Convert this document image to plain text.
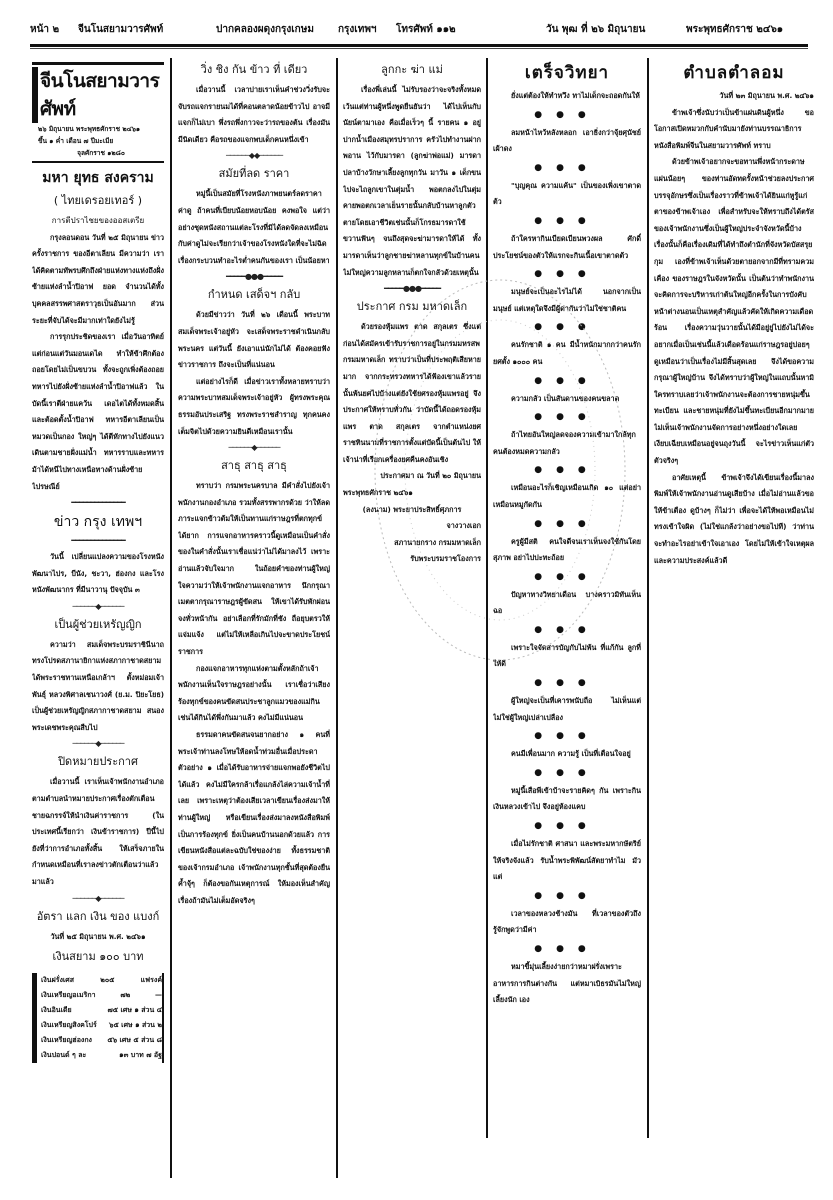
หน้า ๒	จีนโนสยามวารศัพท์	ปากคลองผดุงกรุงเกษม	กรุงเทพฯ	โทรศัพท์ ๑๑๒	วัน พุฒ ที่ ๒๖ มิถุนายน	พระพุทธศักราช ๒๔๖๑
จีนโนสยามวารศัพท์
๒๖ มิถุนายน พระพุทธศักราช ๒๔๖๑
ขึ้น ๑ ค่ำ เดือน ๗ ปีมะเมีย
จุลศักราช ๑๒๘๐
มหา ยุทธ สงคราม
( ไทยเดรอยเทอร์ )
การตีปราไชยของออสเตรีย

กรุงลอนดอน วันที่ ๒๕ มิถุนายน ข่าวครั้งราชการ ของอีตาเลียน มีความว่า เราได้คิดตามทัพรบศึกถึงฝ่ายแห่งทางแห่งถึงฝั่งซ้ายแห่งลำน้ำปิอาฟ ยอด จำนวนได้ทั้งบุคคลสรรพศาสตราวุธเป็นอันมาก ส่วนระยะที่จับได้จะมีมากเท่าใดยังไม่รู้

การรุกประชิดของเรา เมื่อวันอาทิตย์ แต่ก่อนแต่วันมอนเดได ทำให้ข้าศึกต้องถอยโดยไม่เป็นขบวน ทั้งจะถูกเพิ่งต้องถอยทหารไปยังฝั่งซ้ายแห่งลำน้ำปิอาฟแล้ว ในบัดนี้เราตีฝ่ายแคว้น เดอไตได้ทั้งหมดสิ้นและต้อดตั้งน้ำปิอาฟ ทหารอีตาเลียนเป็นหมวดเป็นกอง ใหญ่ๆ ได้ตีหักทางไปยังแนวเดินตามชายฝั่งแม่น้ำ ทหารราบและทหารม้าได้หนีไปทางเหนือทางด้านฝั่งซ้ายไปรษณีย์

━━━━━━━━━━━━━━
ข่าว กรุง เทพฯ
━━━━━━━━━━━━━━

วันนี้ เปลี่ยนแปลงความของโรงหนังพัฒนาไปร, บีนัง, ชะวา, ฮ่องกง และโรงหนังพัฒนากร ที่มีนาวานุ ปัจจุบัน ๓

──────◆──────
เป็นผู้ช่วยเหรัญญิก

ความว่า สมเด็จพระบรมราชินีนาถ ทรงโปรดสภานายิกาแห่งสภากาชาดสยาม ได้พระราชทานเหนือเกล้าฯ ตั้งหม่อมเจ้าพันธุ์ หลวงพิศาลเชนาวงศ์ (ย.ม. ปิยะโยธ) เป็นผู้ช่วยเหรัญญิกสภากาชาดสยาม สนองพระเดชพระคุณสืบไป

──────◆──────
ปิดหมายประกาศ

เมื่อวานนี้ เราเห็นเจ้าพนักงานอำเภอ ตามตำบลนำหมายประกาศเรื่องตักเตือนชายฉกรรจ์ให้นำเงินค่าราชการ (ในประเทศนี้เรียกว่า เงินข้าราชการ) ปีนี้ไป ยังที่ว่าการอำเภอทั้งสิ้น ให้เสร็จภายในกำหนดเหมือนที่เราลงข่าวตักเตือนว่าแล้ว มาแล้ว

──────◆──────
อัตรา แลก เงิน ของ แบงก์
วันที่ ๒๕ มิถุนายน พ.ศ. ๒๔๖๑
เงินสยาม ๑๐๐ บาท
เงินฝรั่งเศส	๒๐๕	แฟรงค์
เงินเหรียญอเมริกา	๗๒	—
เงินอินเดีย	๗๕ เศษ ๑ ส่วน ๔
เงินเหรียญสิงคโปร์ ๖๕ เศษ ๑ ส่วน ๒
เงินเหรียญฮ่องกง ๕๖ เศษ ๕ ส่วน ๘
เงินปอนด์ ๆ ละ	๑๓ บาท ๗ อัฐ
วิ่ง ชิง กัน ข้าว ที่ เดียว

เมื่อวานนี้ เวลาบ่ายเราเห็นคำช่วงวิ่งรับจะจับรถแจกรายนมได้ที่คอนตลาดน้อยข้าวไป อาจมีแจกก็ไม่เบา พึ่งรถพึ่งกาวจะว่ารถของต้น เรื่องมันมีนิดเดียว คือรถของแจกพบเด็กคนหนึ่งเข้า

──────◆◆──────
สมัยที่ลด ราคา

หมู่นี้เป็นสมัยที่โรงหนังภาพยนตร์ลดราคาค่าดู ถ้าคนที่เบียบน้อยหอบน้อย คงพอใจ แต่ว่าอย่างชุดหนังสถานแต่ละโรงที่มิได้ลดจัดลงเหมือนกับค่าดูไม่จะเรียกว่าเจ้าของโรงหนังใดที่จะไม่ฉิดเรื่องกระบวนทำอะไรต่ำคนกันของเรา เป็นน้อยหา

━━━━━●●●━━━━━
กำหนด เสด็จฯ กลับ

ด้วยมีข่าวว่า วันที่ ๒๖ เดือนนี้ พระบาทสมเด็จพระเจ้าอยู่หัว จะเสด็จพระราชดำเนินกลับพระนคร แต่วันนี้ ยังเอาแน่นักไม่ได้ ต้องคอยฟังข่าวราชการ ถึงจะเป็นที่แน่นอน

แต่อย่างไรก็ดี เมื่อข่าวเราทั้งหลายทราบว่า ความพระบาทสมเด็จพระเจ้าอยู่หัว ผู้ทรงพระคุณธรรมอันประเสริฐ ทรงพระราชสำราญ ทุกคนคงเต็มจิตไปด้วยความยินดีเหมือนเรานั้น

──────◆──────
สาธุ สาธุ สาธุ

ทราบว่า กรมพระนครบาล มีคำสั่งไปยังเจ้าพนักงานกองอำเภอ รวมทั้งสรรพากรด้วย ว่าให้ลดภาระแจกข้าวต้มให้เป็นทานแก่ราษฎรที่ตกทุกข์ได้ยาก การแจกอาหารคราวนี้ดูเหมือนเป็นคำสั่งของในคำสั่งนั้นเราเชื่อแน่ว่าไม่ได้มาลงไว้ เพราะอ่านแล้วจับใจมาก ในถ้อยคำของท่านผู้ใหญ่ ใจความว่าให้เจ้าพนักงานแจกอาหาร นึกกรุณาเมตตากรุณาราษฎรผู้ขัดสน ให้เขาได้รับพักผ่อนจงทั่วหน้ากัน อย่าเลือกที่รักมักที่ชัง ถือยุบตรวให้แจ่มแจ้ง แต่ไม่ให้เหลือเกินไปจะขาดประโยชน์ราชการ

กองแจกอาหารทุกแห่งตามตั้งหลักถ้าเจ้าพนักงานเห็นใจราษฎรอย่างนั้น เราเชื่อว่าเสียงร้องทุกข์ของคนขัดสนประชาลูกแมวของแม่กินเช่นได้กินได้พึ่งกันมาแล้ว คงไม่มีแน่นอน

ธรรมดาคนขัดสนจนยากอย่าง ๑ คนที่พระเจ้าท่านลงโทษให้อดน้ำท่วมอื่นเมื่อประดาตัวอย่าง ๑ เมื่อได้รับอาหารจ่ายแจกพอยังชีวิตไปได้แล้ว คงไม่มีใครกล้าเรื่อแกล้งไล่ความเจ้าน้ำที่เลย เพราะเหตุว่าต้องเสียเวลาเขียนเรื่องส่งมาให้ท่านผู้ใหญ่ หรือเขียนเรื่องส่งมาลงหนังสือพิมพ์ เป็นการร้องทุกข์ ยิ่งเป็นคนบ้านนอกด้วยแล้ว การเขียนหนังสือแต่ละฉบับใช่ของง่าย ทั้งธรรมชาติของเจ้ากรมอำเภอ เจ้าพนักงานทุกชั้นที่สุดต้องยืนค้ำจุ้ๆ ก็ต้องขอกันเหตุการณ์ ให้มองเห็นสำคัญเรื่องถ้ามันไม่เต็มอัดจริงๆ

ลูกกะ ฆ่า แม่

เรื่องพี่เล่นนี้ ไม่รับรองว่าจะจริงทั้งหมด เว้นแต่ท่านผู้หนึ่งพูดยืนยันว่า ได้ไปเห็นกับนัยน์ตามาเอง คือเมื่อเร็วๆ นี้ รายคน ๑ อยู่ปากน้ำเมืองสมุทรปราการ ครัวไปทำงานฝากพอาน ไว้กับมารดา (ลูกฆ่าพ่อแม่) มารดาปลาบ้างวักษาเลี้ยงลูกทุกวัน มาวัน ๑ เด็กขนไปจะไถลูกเขาในตุ่มน้ำ พอตกลงไปในตุ่มคายพอตกเวลาเย็นรายนั้นกลับบ้านหาลูกตัวตายโดยเอาชีวิตเช่นนั้นก็โกรธมารดาใช้ขวานฟันๆ จนถึงสุดจะฆ่ามารดาให้ได้ ทั้งมารดาเห็นว่าลูกชายฆ่าหลานทุกข์ในบ้านคนไม่ใหญ่ความลูกหลานก็ตกใจกลัวด้วยเหตุนั้น

━━━━━●●●━━━━━
ประกาศ กรม มหาดเล็ก

ด้วยรองหุ้มแพร ตาด สกุลเตร ซึ่งแต่ก่อนได้สมัครเข้ารับราชการอยู่ในกรมมหรสพ กรมมหาดเล็ก ทราบว่าเป็นที่ประพฤติเสียหายมาก จากกระทรวงทหารได้ฟ้องเขาแล้วรายนั้นพ้นยศไปบ้างแต่ยังใช้ยศรองหุ้มแพรอยู่ จึงประกาศให้ทราบทั่วกัน ว่าบัดนี้ได้ถอดรองหุ้มแพร ตาด สกุลเตร จากตำแหน่งยศราชทินนามที่ราชการตั้งแต่บัดนี้เป็นต้นไป ให้เจ้าน่าที่เรียกเครื่องยศคืนคงอันเชิง

ประกาศมา ณ วันที่ ๒๐ มิถุนายน

พระพุทธศักราช ๒๔๖๑
(ลงนาม) พระยาประสิทธิ์ศุภการ
จางวางเอก
สภานายกราง กรมมหาดเล็ก
รับพระบรมราชโองการ
เตร็จวิทยา

ยั่งแต่ต้องให้ทำหวึง ทาไม่เด็กจะถอดกันให้

●●●

ลมหน้าไหว้หลังหลอก เอาธิ่งกว่าจุ้ยศุนัชย์เผ้าดง

●●●

"บุญคุณ ความแค้น" เป็นของเพิ่งเขาตาดต้ว

●●●

ถ้าใครหากินเบียดเบียนพวงผล ศักดิ์ประโยชน์ของตัวให้แรกจะกินเนื้อเขาตาดต้ว

●●●

มนุษย์จะเป็นอะไรไม่ได้ นอกจากเป็นมนุษย์ แต่เหตุใดจึงมีผู้ด่ากันว่าไม่ใช่ชาติคน

●●●

คนรักชาติ ๑ คน มีน้ำหนักมากกว่าคนรักยศตั้ง ๑๐๐๐ คน

●●●

ความกลัว เป็นสันดานของคนขลาด

●●●

ถ้าไทยอันใหญ่ลดจองความเข้ามาใกล้ทุกคนต้องหมดความกลัว

●●●

เหมือนอะไรก็เชิญเหมือนเกิด ๑๐ แต่อย่าเหมือนหมูกัดกัน

●●●

ครูผู้มีสติ คนใจดีจนเราเห็นจงใช้กันโดยสุภาพ อย่าไปปะทะถ้อย

●●●

ปัญหาทางวิทยาเดือน บางคราวมิทันเห็นฉอ

●●●

เพราะใจจัดสารบัญกับไม่พ้น ที่แก้กัน ลูกที่ให้ดี

●●●

ผู้ใหญ่จะเป็นที่เคารพนับถือ ไม่เห็นแต่ไม่ใช่ผู้ใหญ่เปล่าเปลือง

●●●

คนมีเพื่อนมาก ความรู้ เป็นที่เตือนใจอยู่

●●●

หมู่นี้เสือพีเข้าบ้าจะรายคิดๆ กัน เพราะกินเงินหลวงเข้าไป จึงอยู่ห้องแคบ

●●●

เมื่อไม่รักชาติ ศาสนา และพระมหากษัตริย์ ให้จริงจังแล้ว รับน้ำพระพิพัฒน์สัตยาทำไม มัวแต่

●●●

เวลาของหลวงช้างมัน ที่เวลาของตัวถึงรู้จักพูดว่ามีค่า

●●●

หมาขี้มุ่นเลี้ยงง่ายกว่าหมาฝรั่งเพราะอาหารการกินต่างกัน แต่หมาเบิธรมันไม่ใหญ่เลี้ยงนัก เอง

ตำบลตำลอม
วันที่ ๒๓ มิถุนายน พ.ศ. ๒๔๖๑

ข้าพเจ้าซึ่งนับว่าเป็นข้าแผ่นดินผู้หนึ่ง ขอโอกาสเปิดหมวกกับคำนับมายังท่านบรรณาธิการหนังสือพิมพ์จีนในสยามวารศัพท์ ทราบ

ด้วยข้าพเจ้าอยากจะขอทานพึ่งหน้ากระดาษแผ่นน้อยๆ ของท่านอัดทดรั้งหน้าช่วยลงประกาศบรรจุอักษรซึ่งเป็นเรื่องราวที่ข้าพเจ้าได้ยินแก่หูรู้แก่ตาของข้าพเจ้าเอง เพื่อสำหรับจะให้ทราบถึงได้ตรัสของเจ้าพนักงานซึ่งเป็นผู้ใหญ่ประจำจังหวัดนี้บ้าง เรื่องนั้นก็คือเรื่องเดิมที่ได้ทำถึงตำนักที่จังหวัดบัสสรุย กุม เองที่ข้าพเจ้าเห็นด้วยตายอกจากมีที่ทรามควมเคือง ของราษฎรในจังหวัดนั้น เป็นต้นว่าทำพนักงานจะคิดการจะบริหารเก่าต้นใหญ่อีกครั้งในการบังคับหน้าต่างนอนเป็นเหตุสำคัญแล้วคัดให้เกิดความเดือดร้อน เรื่องความวุ่นวายนั้นได้มีอยู่ยู่ไปยังไม่ได้จะอยากเมื่อเป็นเช่นนี้แล้วเดือดร้อนแก่ราษฎรอยู่บ่อยๆ ดูเหมือนว่าเป็นเรื่องไม่มีสิ้นสุดเลย จึงได้ขอความกรุณาผู้ใหญ่บ้าน จึงได้ทราบว่าผู้ใหญ่ในแถบนั้นหามิใครทราบเลยว่าเจ้าพนักงานจะต้องการชายหนุ่มขึ้นทะเบียน และชายหนุ่มที่ยังไม่ขึ้นทะเบียนอีกมากมายไม่เห็นเจ้าพนักงานจัดการอย่างหนึ่งอย่างใดเลย เงียบเฉียบเหมือนอยู่จนถุงวันนี้ จะไรข่าวเห็นแก่ตัวตัวจริงๆ

อาศัยเหตุนี้ ข้าพเจ้าจึงได้เขียนเรื่องนี้มาลงพิมพ์ให้เจ้าพนักงานอ่านดูเสียบ้าง เมื่อไม่อ่านแล้วขอให้ข้าเตือง ดูบ้างๆ ก็ไม่ว่า เพื่อจะได้ให้พอเหมือนไม่ทรงเข้าใจผิด (ไม่ใช่แกล้งว่าอย่างขอไปที) ว่าท่านจะทำอะไรอย่าเข้าใจเอาเอง โดยไม่ให้เข้าใจเหตุผลและความประสงค์แล้วดี
